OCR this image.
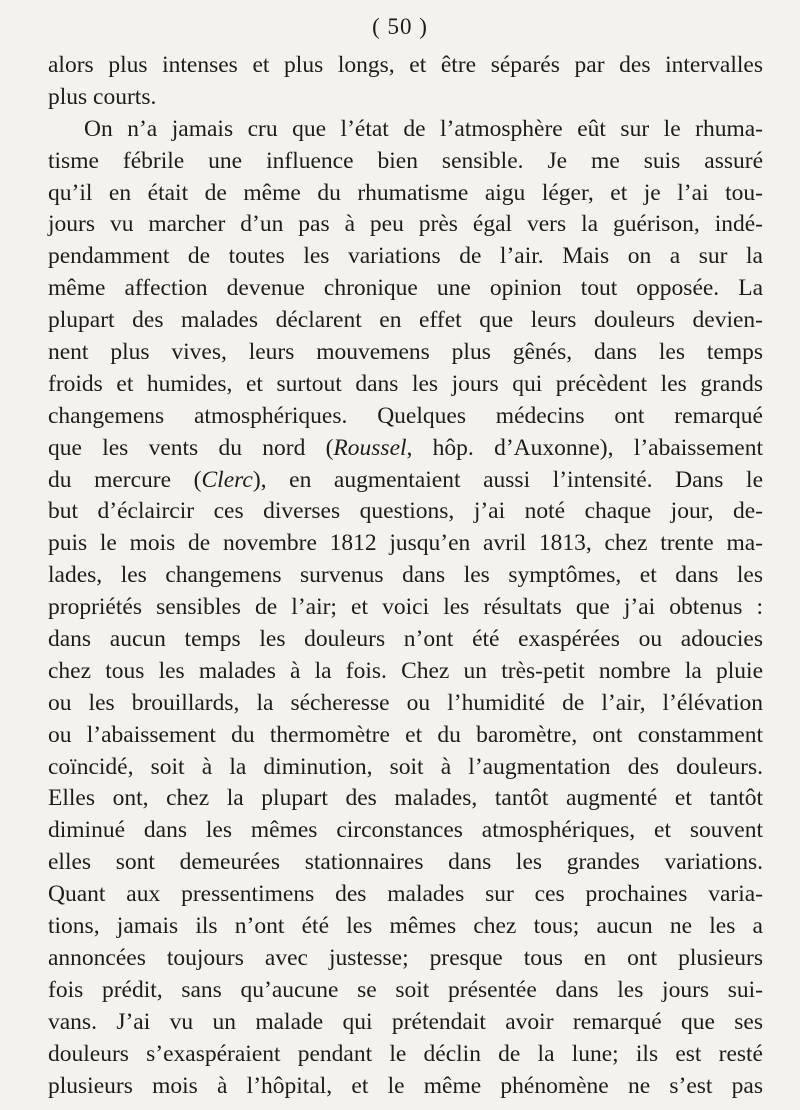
( 50 )
alors plus intenses et plus longs, et être séparés par des intervalles
plus courts.
On n’a jamais cru que l’état de l’atmosphère eût sur le rhuma-
tisme fébrile une influence bien sensible. Je me suis assuré
qu’il en était de même du rhumatisme aigu léger, et je l’ai tou-
jours vu marcher d’un pas à peu près égal vers la guérison, indé-
pendamment de toutes les variations de l’air. Mais on a sur la
même affection devenue chronique une opinion tout opposée. La
plupart des malades déclarent en effet que leurs douleurs devien-
nent plus vives, leurs mouvemens plus gênés, dans les temps
froids et humides, et surtout dans les jours qui précèdent les grands
changemens atmosphériques. Quelques médecins ont remarqué
que les vents du nord (Roussel, hôp. d’Auxonne), l’abaissement
du mercure (Clerc), en augmentaient aussi l’intensité. Dans le
but d’éclaircir ces diverses questions, j’ai noté chaque jour, de-
puis le mois de novembre 1812 jusqu’en avril 1813, chez trente ma-
lades, les changemens survenus dans les symptômes, et dans les
propriétés sensibles de l’air; et voici les résultats que j’ai obtenus :
dans aucun temps les douleurs n’ont été exaspérées ou adoucies
chez tous les malades à la fois. Chez un très-petit nombre la pluie
ou les brouillards, la sécheresse ou l’humidité de l’air, l’élévation
ou l’abaissement du thermomètre et du baromètre, ont constamment
coïncidé, soit à la diminution, soit à l’augmentation des douleurs.
Elles ont, chez la plupart des malades, tantôt augmenté et tantôt
diminué dans les mêmes circonstances atmosphériques, et souvent
elles sont demeurées stationnaires dans les grandes variations.
Quant aux pressentimens des malades sur ces prochaines varia-
tions, jamais ils n’ont été les mêmes chez tous; aucun ne les a
annoncées toujours avec justesse; presque tous en ont plusieurs
fois prédit, sans qu’aucune se soit présentée dans les jours sui-
vans. J’ai vu un malade qui prétendait avoir remarqué que ses
douleurs s’exaspéraient pendant le déclin de la lune; ils est resté
plusieurs mois à l’hôpital, et le même phénomène ne s’est pas
